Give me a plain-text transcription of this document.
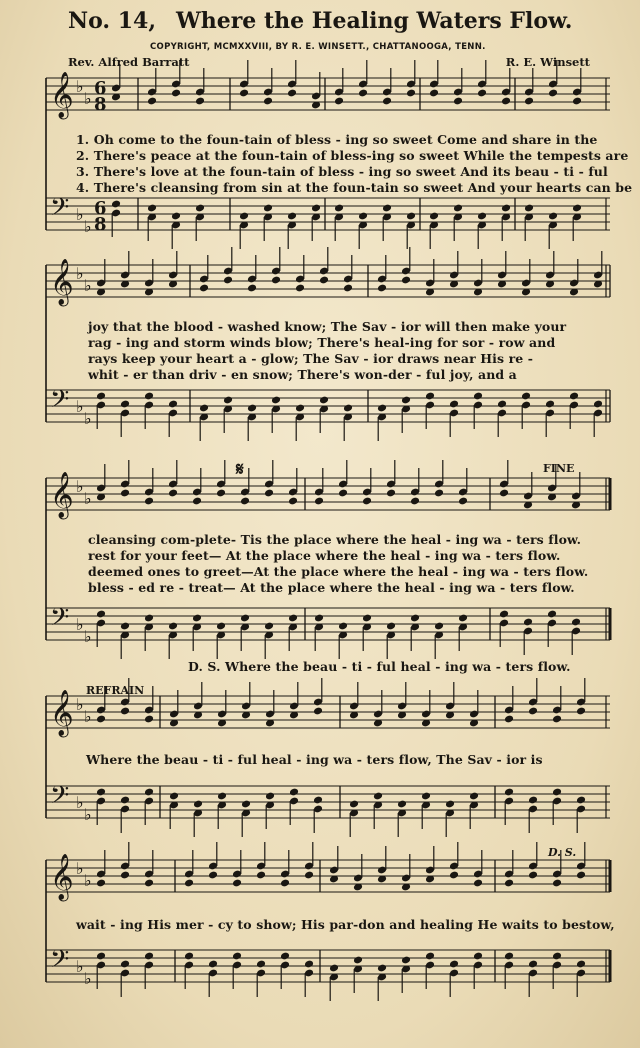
No. 14, Where the Healing Waters Flow.
COPYRIGHT, MCMXXVIII, BY R. E. WINSETT., CHATTANOOGA, TENN.
Rev. Alfred Barratt	R. E. Winsett
𝄞 ♭
♭ 6
8
𝄢 ♭
♭
6
8
𝄞 ♭
♭
𝄢 ♭
♭
𝄞 ♭
♭
𝄢 ♭
♭
𝄞 ♭
♭
𝄢 ♭
♭
𝄞 ♭
♭
𝄢 ♭
♭
1. Oh come to the foun-tain of bless - ing so sweet Come and share in the
2. There's peace at the foun-tain of bless-ing so sweet While the tempests are
3. There's love at the foun-tain of bless - ing so sweet And its beau - ti - ful
4. There's cleansing from sin at the foun-tain so sweet And your hearts can be
joy that the blood - washed know; The Sav - ior will then make your
rag - ing and storm winds blow; There's heal-ing for sor - row and
rays keep your heart a - glow; The Sav - ior draws near His re -
whit - er than driv - en snow; There's won-der - ful joy, and a
cleansing com-plete- Tis the place where the heal - ing wa - ters flow.
rest for your feet— At the place where the heal - ing wa - ters flow.
deemed ones to greet—At the place where the heal - ing wa - ters flow.
bless - ed re - treat— At the place where the heal - ing wa - ters flow.
D. S. Where the beau - ti - ful heal - ing wa - ters flow.
𝄋	FINE
REFRAIN
D. S.
Where the beau - ti - ful heal - ing wa - ters flow, The Sav - ior is
wait - ing His mer - cy to show; His par-don and healing He waits to bestow,
